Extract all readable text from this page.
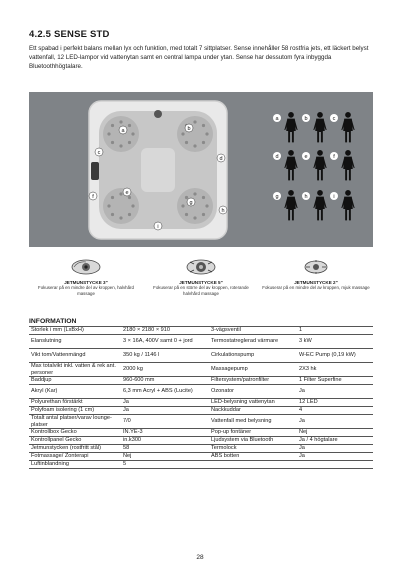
4.2.5 SENSE STD
Ett spabad i perfekt balans mellan lyx och funktion, med totalt 7 sittplatser. Sense innehåller 58 rostfria jets, ett läckert belyst vattenfall, 12 LED-lampor vid vattenytan samt en central lampa under ytan. Sense har dessutom fyra inbyggda Bluetoothhögtalare.
a	b
c
d
e
f
g
h
i
a	b	c
d	e	f
g	h	i
JETMUNSTYCKE 3"
Fokuserar på en mindre del av kroppen, halvhård massage
JETMUNSTYCKE 5"
Fokuserar på en större del av kroppen, roterande halvhård massage
JETMUNSTYCKE 2"
Fokuserar på en mindre del av kroppen, mjuk massage
INFORMATION
Storlek i mm (LxBxH)	2180 × 2180 × 910	3-vägsventil	1
Elanslutning	3 × 16A, 400V samt 0 + jord	Termostatreglerad värmare	3 kW
Vikt tom/Vattenmängd	350 kg / 1146 l	Cirkulationspump	W-EC Pump (0,19 kW)
Max totalvikt inkl. vatten & rek ant. personer	2000 kg	Massagepump	2X3 hk
Baddjup	960-600 mm	Filtersystem/patronfilter	1 Filter Superfine
Akryl (Kar)	6,3 mm Acryl + ABS (Lucite)	Ozonator	Ja
Polyurethan förstärkt	Ja	LED-belysning vattenytan	12 LED
Polyfoam isolering (1 cm)	Ja	Nackkuddar	4
Totalt antal platser/varav lounge-platser	7/0	Vattenfall med belysning	Ja
Kontrollbox Gecko	IN.YE-3	Pop-up fontäner	Nej
Kontrollpanel Gecko	in.k300	Ljudsystem via Bluetooth	Ja / 4 högtalare
Jetmunstycken (rostfritt stål)	58	Termolock	Ja
Fotmassage/ Zonterapi	Nej	ABS botten	Ja
Luftinblandning	5		
28
